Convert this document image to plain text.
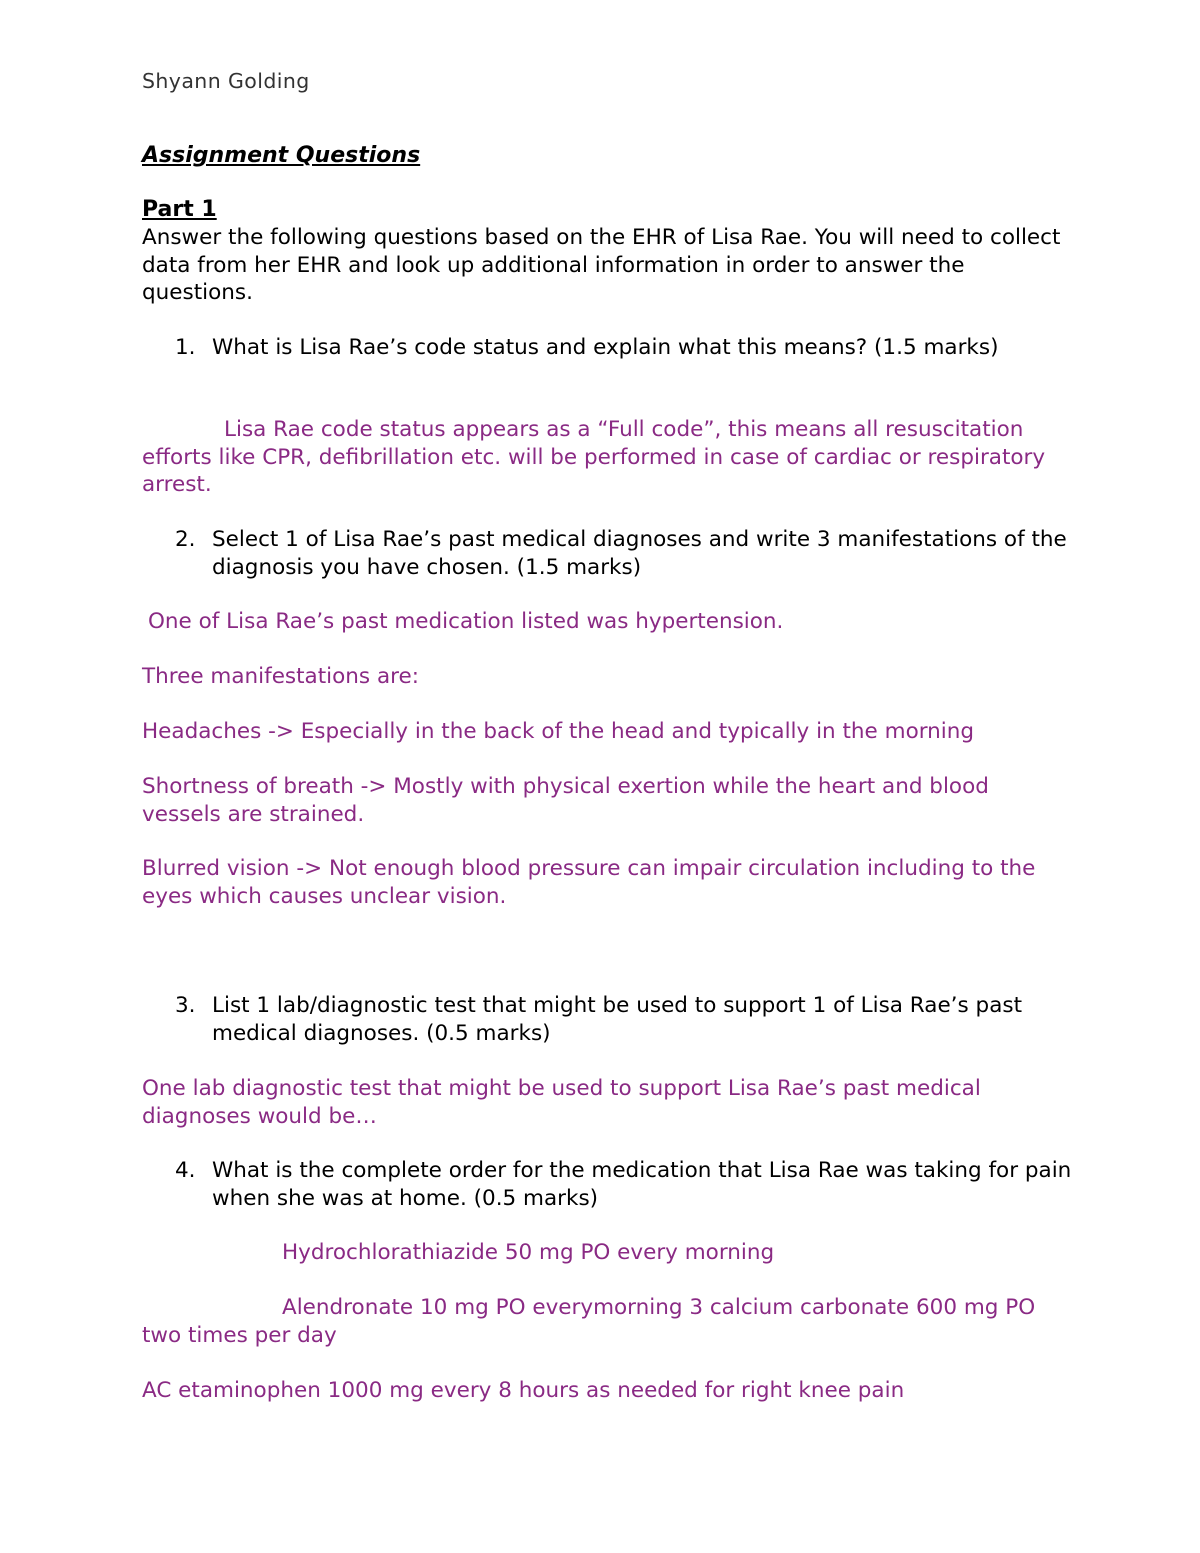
Shyann Golding

Assignment Questions

Part 1

Answer the following questions based on the EHR of Lisa Rae. You will need to collect data from her EHR and look up additional information in order to answer the questions.

1. What is Lisa Rae’s code status and explain what this means? (1.5 marks)

Lisa Rae code status appears as a “Full code”, this means all resuscitation efforts like CPR, defibrillation etc. will be performed in case of cardiac or respiratory arrest.

2. Select 1 of Lisa Rae’s past medical diagnoses and write 3 manifestations of the diagnosis you have chosen. (1.5 marks)

One of Lisa Rae’s past medication listed was hypertension.

Three manifestations are:

Headaches -> Especially in the back of the head and typically in the morning

Shortness of breath -> Mostly with physical exertion while the heart and blood vessels are strained.

Blurred vision -> Not enough blood pressure can impair circulation including to the eyes which causes unclear vision.

3. List 1 lab/diagnostic test that might be used to support 1 of Lisa Rae’s past medical diagnoses. (0.5 marks)

One lab diagnostic test that might be used to support Lisa Rae’s past medical diagnoses would be…

4. What is the complete order for the medication that Lisa Rae was taking for pain when she was at home. (0.5 marks)

Hydrochlorathiazide 50 mg PO every morning

Alendronate 10 mg PO everymorning 3 calcium carbonate 600 mg PO two times per day

AC etaminophen 1000 mg every 8 hours as needed for right knee pain
